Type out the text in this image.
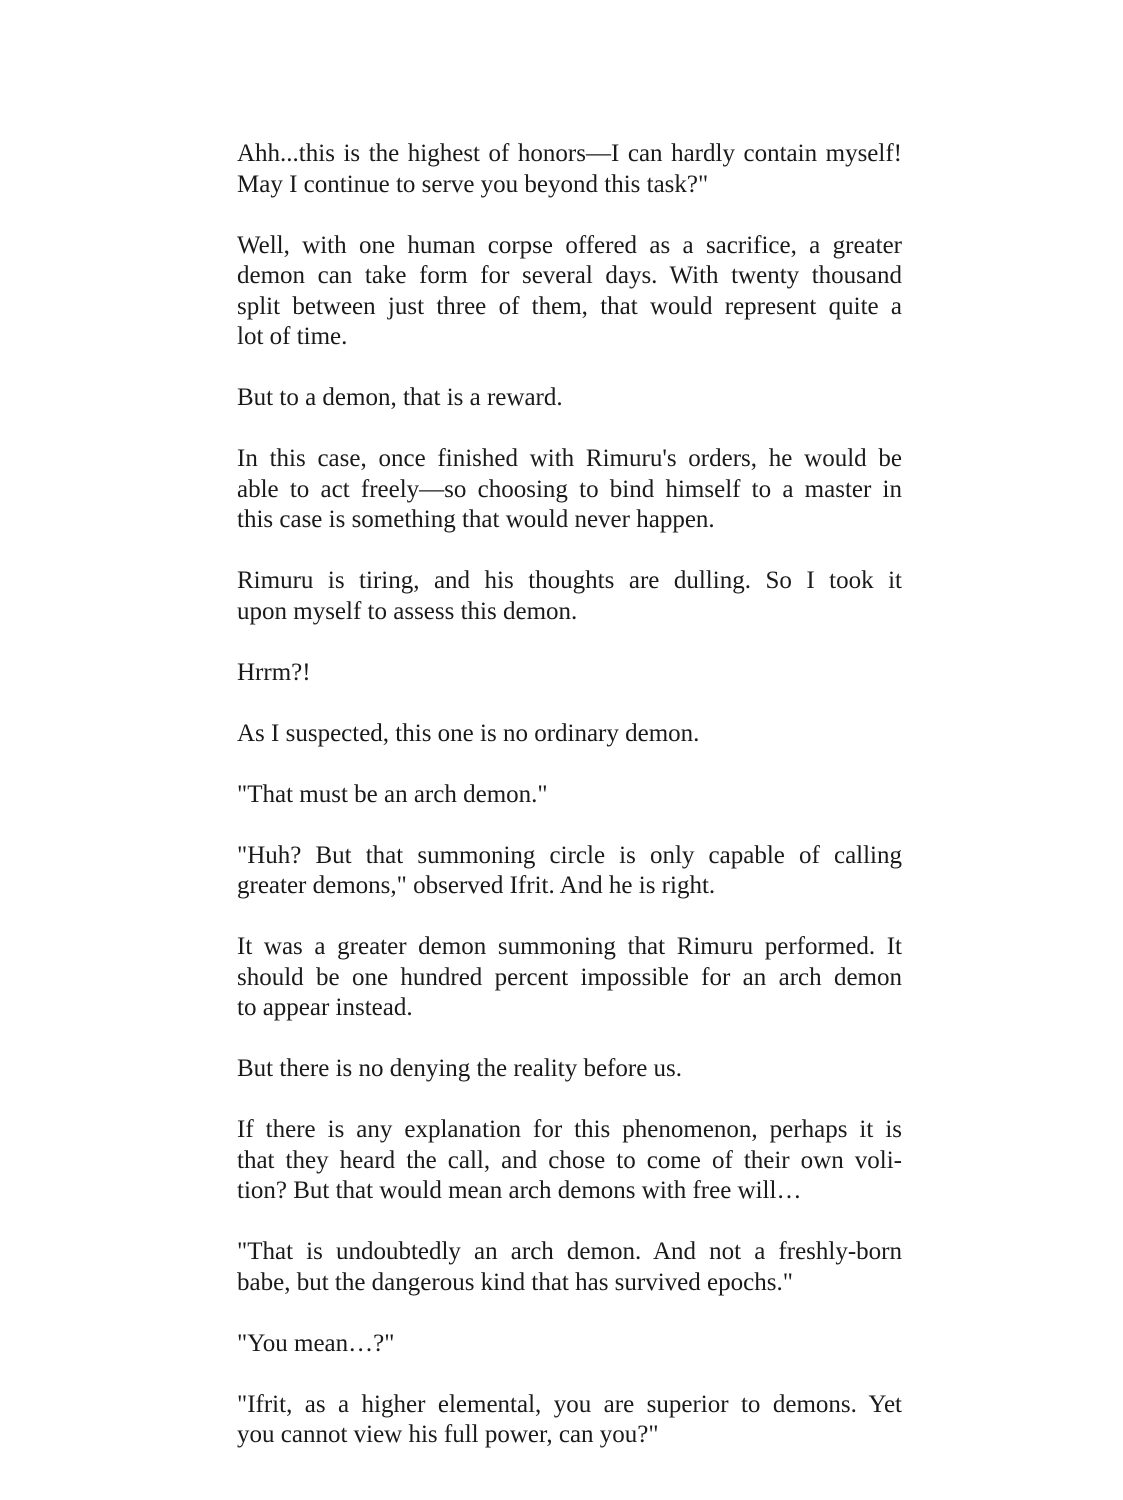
Ahh...this is the highest of honors—I can hardly contain myself!
May I continue to serve you beyond this task?"

Well, with one human corpse offered as a sacrifice, a greater
demon can take form for several days. With twenty thousand
split between just three of them, that would represent quite a
lot of time.

But to a demon, that is a reward.

In this case, once finished with Rimuru's orders, he would be
able to act freely—so choosing to bind himself to a master in
this case is something that would never happen.

Rimuru is tiring, and his thoughts are dulling. So I took it
upon myself to assess this demon.

Hrrm?!

As I suspected, this one is no ordinary demon.

"That must be an arch demon."

"Huh? But that summoning circle is only capable of calling
greater demons," observed Ifrit. And he is right.

It was a greater demon summoning that Rimuru performed. It
should be one hundred percent impossible for an arch demon
to appear instead.

But there is no denying the reality before us.

If there is any explanation for this phenomenon, perhaps it is
that they heard the call, and chose to come of their own voli-
tion? But that would mean arch demons with free will…

"That is undoubtedly an arch demon. And not a freshly-born
babe, but the dangerous kind that has survived epochs."

"You mean…?"

"Ifrit, as a higher elemental, you are superior to demons. Yet
you cannot view his full power, can you?"
